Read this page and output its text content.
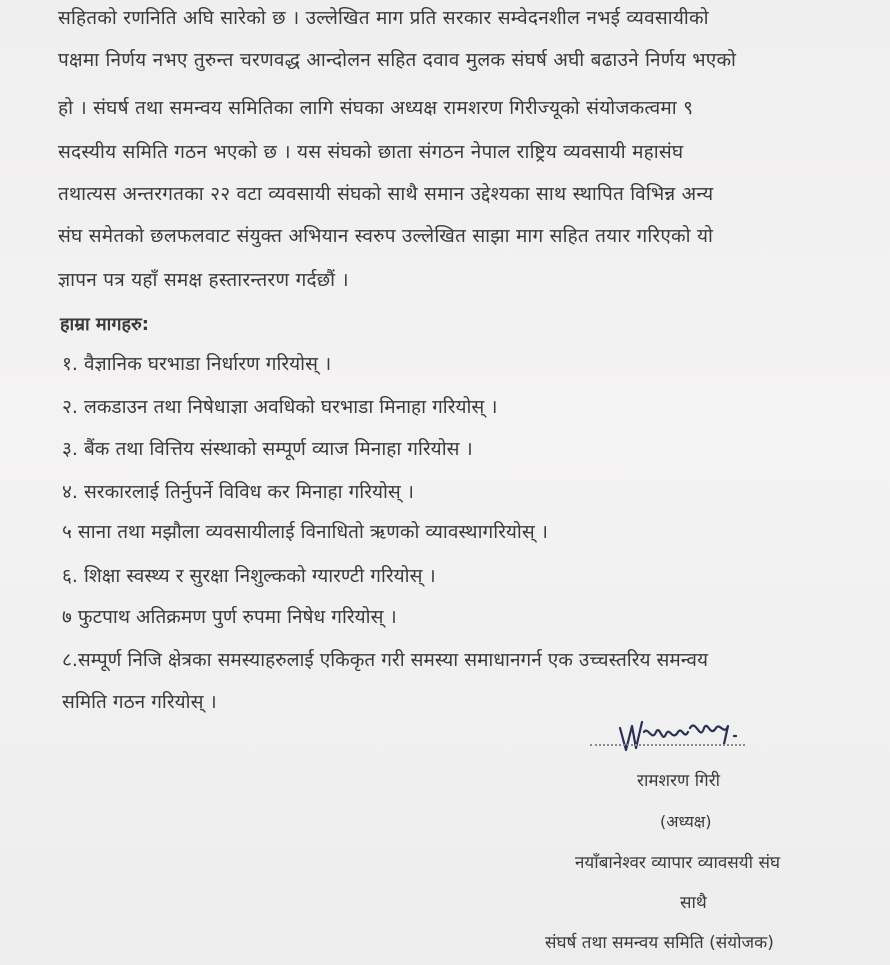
सहितको रणनिति अघि सारेको छ । उल्लेखित माग प्रति सरकार सम्वेदनशील नभई व्यवसायीको
पक्षमा निर्णय नभए तुरुन्त चरणवद्ध आन्दोलन सहित दवाव मुलक संघर्ष अघी बढाउने निर्णय भएको
हो । संघर्ष तथा समन्वय समितिका लागि संघका अध्यक्ष रामशरण गिरीज्यूको संयोजकत्वमा ९
सदस्यीय समिति गठन भएको छ । यस संघको छाता संगठन नेपाल राष्ट्रिय व्यवसायी महासंघ
तथात्यस अन्तरगतका २२ वटा व्यवसायी संघको साथै समान उद्देश्यका साथ स्थापित विभिन्न अन्य
संघ समेतको छलफलवाट संयुक्त अभियान स्वरुप उल्लेखित साझा माग सहित तयार गरिएको यो
ज्ञापन पत्र यहाँ समक्ष हस्तारन्तरण गर्दछौं ।
हाम्रा मागहरु:
१. वैज्ञानिक घरभाडा निर्धारण गरियोस् ।
२. लकडाउन तथा निषेधाज्ञा अवधिको घरभाडा मिनाहा गरियोस् ।
३. बैंक तथा वित्तिय संस्थाको सम्पूर्ण व्याज मिनाहा गरियोस ।
४. सरकारलाई तिर्नुपर्ने विविध कर मिनाहा गरियोस् ।
५ साना तथा मझौला व्यवसायीलाई विनाधितो ऋणको व्यावस्थागरियोस् ।
६. शिक्षा स्वस्थ्य र सुरक्षा निशुल्कको ग्यारण्टी गरियोस् ।
७ फुटपाथ अतिक्रमण पुर्ण रुपमा निषेध गरियोस् ।
८.सम्पूर्ण निजि क्षेत्रका समस्याहरुलाई एकिकृत गरी समस्या समाधानगर्न एक उच्चस्तरिय समन्वय
समिति गठन गरियोस् ।
रामशरण गिरी
(अध्यक्ष)
नयाँबानेश्वर व्यापार व्यावसयी संघ
साथै
संघर्ष तथा समन्वय समिति (संयोजक)
